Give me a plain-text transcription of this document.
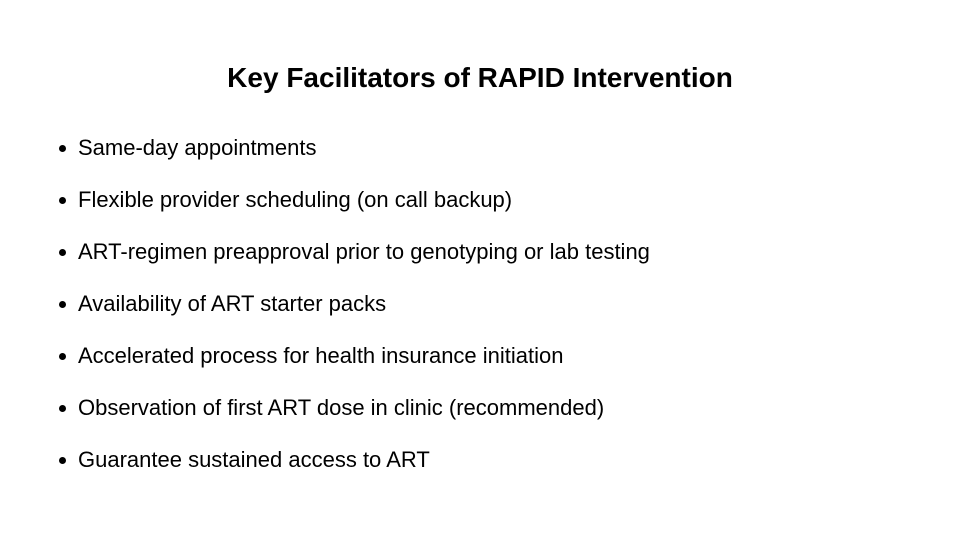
Key Facilitators of RAPID Intervention
Same-day appointments
Flexible provider scheduling (on call backup)
ART-regimen preapproval prior to genotyping or lab testing
Availability of ART starter packs
Accelerated process for health insurance initiation
Observation of first ART dose in clinic (recommended)
Guarantee sustained access to ART
